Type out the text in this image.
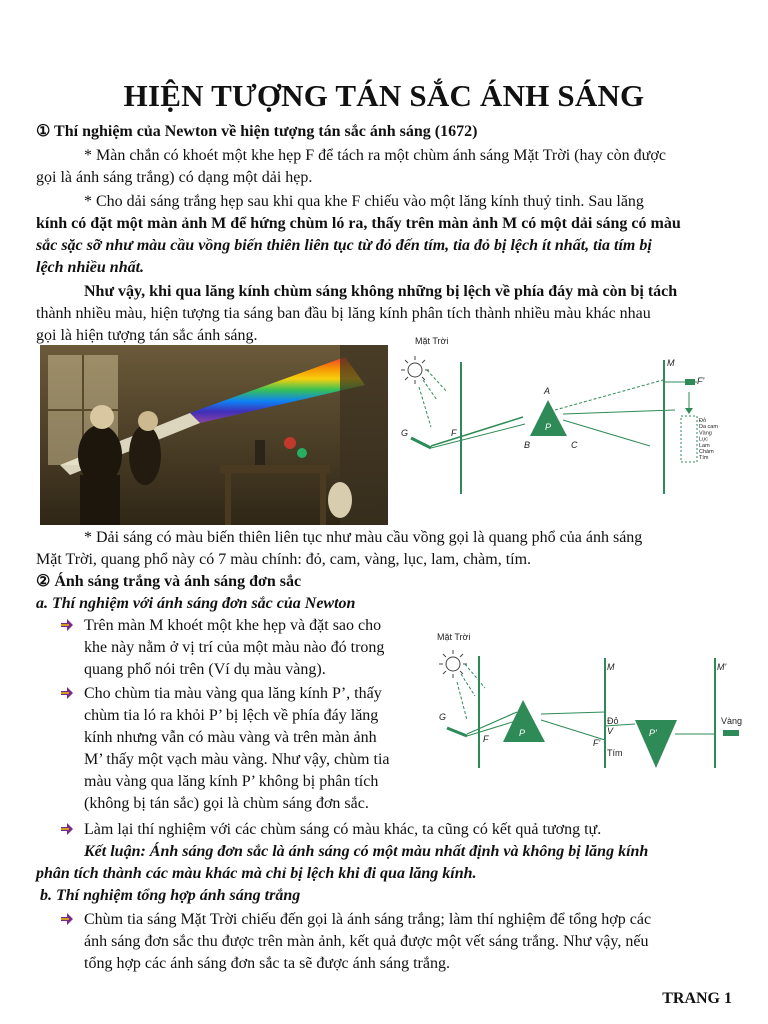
HIỆN TƯỢNG TÁN SẮC ÁNH SÁNG
① Thí nghiệm của Newton về hiện tượng tán sắc ánh sáng (1672)
* Màn chắn có khoét một khe hẹp F để tách ra một chùm ánh sáng Mặt Trời (hay còn được
gọi là ánh sáng trắng) có dạng một dải hẹp.
* Cho dải sáng trắng hẹp sau khi qua khe F chiếu vào một lăng kính thuỷ tinh. Sau lăng
kính có đặt một màn ảnh M để hứng chùm ló ra, thấy trên màn ảnh M có một dải sáng có màu
sắc sặc sỡ như màu cầu vồng biến thiên liên tục từ đỏ đến tím, tia đỏ bị lệch ít nhất, tia tím bị
lệch nhiều nhất.
Như vậy, khi qua lăng kính chùm sáng không những bị lệch về phía đáy mà còn bị tách
thành nhiều màu, hiện tượng tia sáng ban đầu bị lăng kính phân tích thành nhiều màu khác nhau
gọi là hiện tượng tán sắc ánh sáng.	Mặt Trời
M
F'
A
G	F
P
B	C
Đỏ
Da cam
Vàng
Lục
Lam
Chàm
Tím
* Dải sáng có màu biến thiên liên tục như màu cầu vồng gọi là quang phổ của ánh sáng
Mặt Trời, quang phổ này có 7 màu chính: đỏ, cam, vàng, lục, lam, chàm, tím.
② Ánh sáng trắng và ánh sáng đơn sắc
a. Thí nghiệm với ánh sáng đơn sắc của Newton
Trên màn M khoét một khe hẹp và đặt sao cho
khe này nằm ở vị trí của một màu nào đó trong
quang phổ nói trên (Ví dụ màu vàng).
Cho chùm tia màu vàng qua lăng kính P’, thấy
chùm tia ló ra khỏi P’ bị lệch về phía đáy lăng
kính nhưng vẫn có màu vàng và trên màn ảnh
M’ thấy một vạch màu vàng. Như vậy, chùm tia
màu vàng qua lăng kính P’ không bị phân tích
(không bị tán sắc) gọi là chùm sáng đơn sắc.
Mặt Trời
M	M'
G
F
P
Đỏ
V
F'
Tím
P'
Vàng
Làm lại thí nghiệm với các chùm sáng có màu khác, ta cũng có kết quả tương tự.
Kết luận: Ánh sáng đơn sắc là ánh sáng có một màu nhất định và không bị lăng kính
phân tích thành các màu khác mà chỉ bị lệch khi đi qua lăng kính.
b. Thí nghiệm tổng hợp ánh sáng trắng
Chùm tia sáng Mặt Trời chiếu đến gọi là ánh sáng trắng; làm thí nghiệm để tổng hợp các
ánh sáng đơn sắc thu được trên màn ảnh, kết quả được một vết sáng trắng. Như vậy, nếu
tổng hợp các ánh sáng đơn sắc ta sẽ được ánh sáng trắng.
TRANG 1
